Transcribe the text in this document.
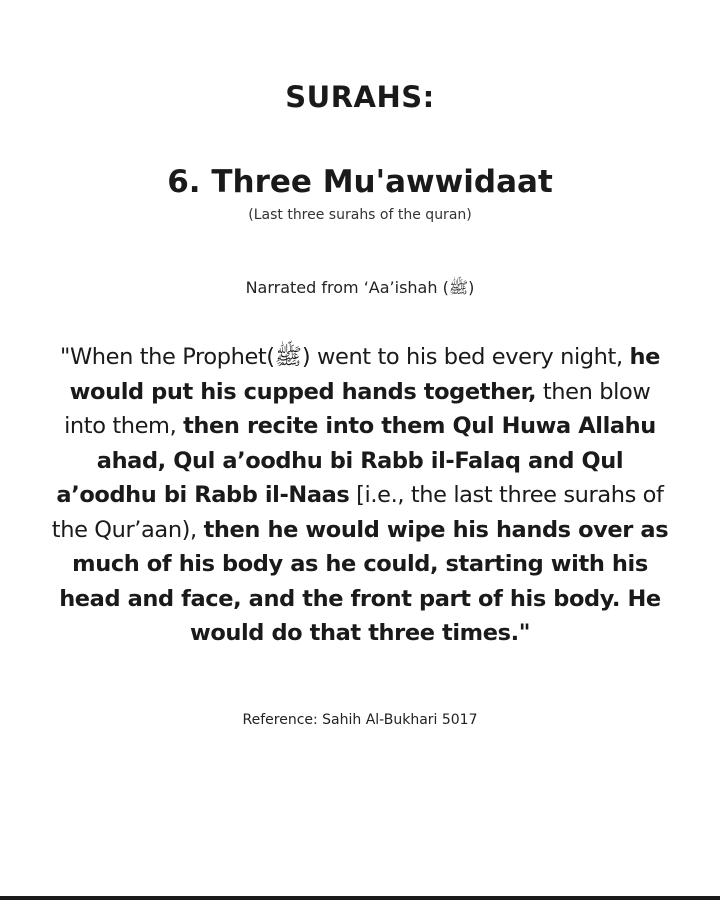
SURAHS:
6. Three Mu'awwidaat
(Last three surahs of the quran)
Narrated from ‘Aa’ishah (ﷺ)
"When the Prophet(ﷺ) went to his bed every night, he would put his cupped hands together, then blow into them, then recite into them Qul Huwa Allahu ahad, Qul a’oodhu bi Rabb il-Falaq and Qul a’oodhu bi Rabb il-Naas [i.e., the last three surahs of the Qur’aan), then he would wipe his hands over as much of his body as he could, starting with his head and face, and the front part of his body. He would do that three times."
Reference: Sahih Al-Bukhari 5017
